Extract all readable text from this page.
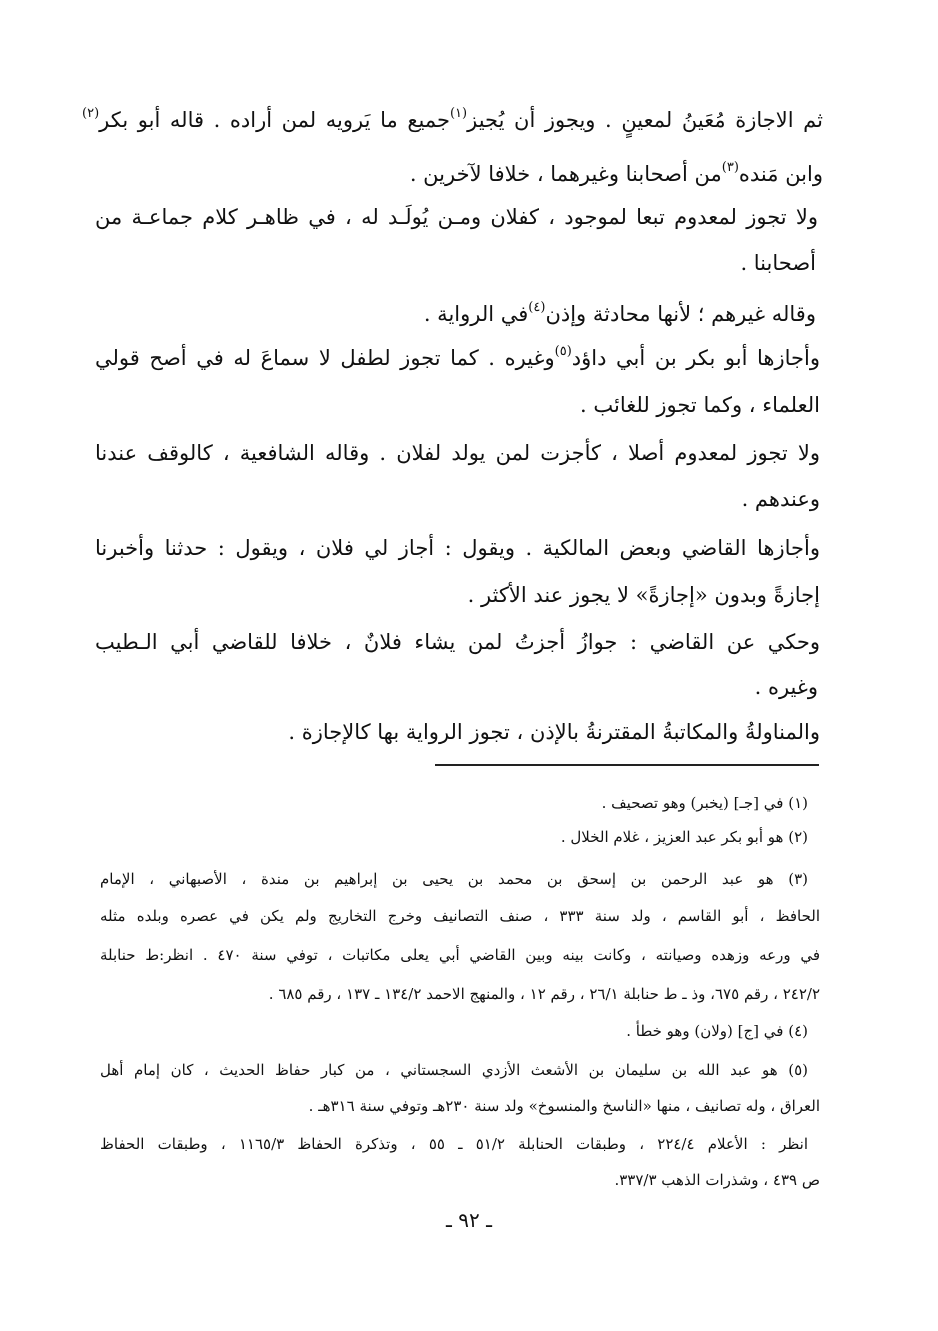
ثم الاجازة مُعَينُ لمعينٍ . ويجوز أن يُجيز$^{(١)}$جميع ما يَرويه لمن أراده . قاله أبو بكر$^{(٢)}$
وابن مَنده$^{(٣)}$من أصحابنا وغيرهما ، خلافا لآخرين .
ولا تجوز لمعدوم تبعا لموجود ، كفلان ومـن يُولَـد له ، في ظاهـر كلام جماعـة من
أصحابنا .
وقاله غيرهم ؛ لأنها محادثة وإذن$^{(٤)}$في الرواية .
وأجازها أبو بكر بن أبي داؤد$^{(٥)}$وغيره . كما تجوز لطفل لا سماعَ له في أصح قولي
العلماء ، وكما تجوز للغائب .
ولا تجوز لمعدوم أصلا ، كأجزت لمن يولد لفلان . وقاله الشافعية ، كالوقف عندنا
وعندهم .
وأجازها القاضي وبعض المالكية . ويقول : أجاز لي فلان ، ويقول : حدثنا وأخبرنا
إجازةً وبدون «إجازةً» لا يجوز عند الأكثر .
وحكي عن القاضي : جوازُ أجزتُ لمن يشاء فلانٌ ، خلافا للقاضي أبي الـطيب
وغيره .
والمناولةُ والمكاتبةُ المقترنةُ بالإذن ، تجوز الرواية بها كالإجازة .
(١) في [جـ] (يخبر) وهو تصحيف .
(٢) هو أبو بكر عبد العزيز ، غلام الخلال .
(٣) هو عبد الرحمن بن إسحق بن محمد بن يحيى بن إبراهيم بن مندة ، الأصبهاني ، الإمام
الحافظ ، أبو القاسم ، ولد سنة ٣٣٣ ، صنف التصانيف وخرج التخاريج ولم يكن في عصره وبلده مثله
في ورعه وزهده وصيانته ، وكانت بينه وبين القاضي أبي يعلى مكاتبات ، توفي سنة ٤٧٠ . انظر:ط حنابلة
٢٤٢/٢ ، رقم ٦٧٥، وذ ـ ط حنابلة ٢٦/١ ، رقم ١٢ ، والمنهج الاحمد ١٣٤/٢ ـ ١٣٧ ، رقم ٦٨٥ .
(٤) في [ج] (ولان) وهو خطأ .
(٥) هو عبد الله بن سليمان بن الأشعث الأزدي السجستاني ، من كبار حفاظ الحديث ، كان إمام أهل
العراق ، وله تصانيف ، منها «الناسخ والمنسوخ» ولد سنة ٢٣٠هـ وتوفي سنة ٣١٦هـ .
انظر : الأعلام ٢٢٤/٤ ، وطبقات الحنابلة ٥١/٢ ـ ٥٥ ، وتذكرة الحفاظ ١١٦٥/٣ ، وطبقات الحفاظ
ص ٤٣٩ ، وشذرات الذهب ٣٣٧/٣.
ـ ٩٢ ـ
